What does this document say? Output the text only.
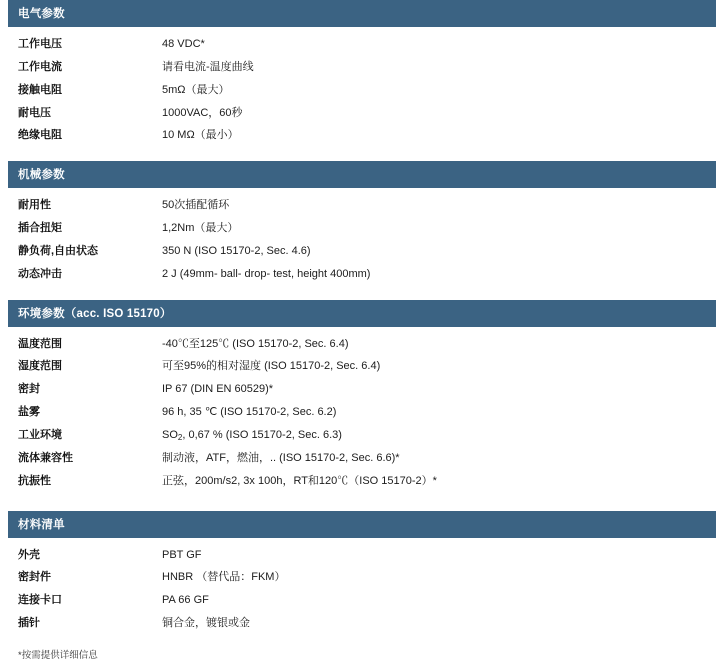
电气参数
工作电压	48 VDC*
工作电流	请看电流-温度曲线
接触电阻	5mΩ（最大）
耐电压	1000VAC，60秒
绝缘电阻	10 MΩ（最小）
机械参数
耐用性	50次插配循环
插合扭矩	1,2Nm（最大）
静负荷,自由状态	350 N (ISO 15170-2, Sec. 4.6)
动态冲击	2 J (49mm- ball- drop- test, height 400mm)
环境参数（acc. ISO 15170）
温度范围	-40℃至125℃ (ISO 15170-2, Sec. 6.4)
湿度范围	可至95%的相对湿度 (ISO 15170-2, Sec. 6.4)
密封	IP 67 (DIN EN 60529)*
盐雾	96 h, 35 ℃ (ISO 15170-2, Sec. 6.2)
工业环境	$SO_2$, 0,67 % (ISO 15170-2, Sec. 6.3)
流体兼容性	制动液，ATF，燃油，.. (ISO 15170-2, Sec. 6.6)*
抗振性	正弦，200m/s2, 3x 100h，RT和120℃（ISO 15170-2）*
材料清单
外壳	PBT GF
密封件	HNBR （替代品：FKM）
连接卡口	PA 66 GF
插针	铜合金，镀银或金
*按需提供详细信息
